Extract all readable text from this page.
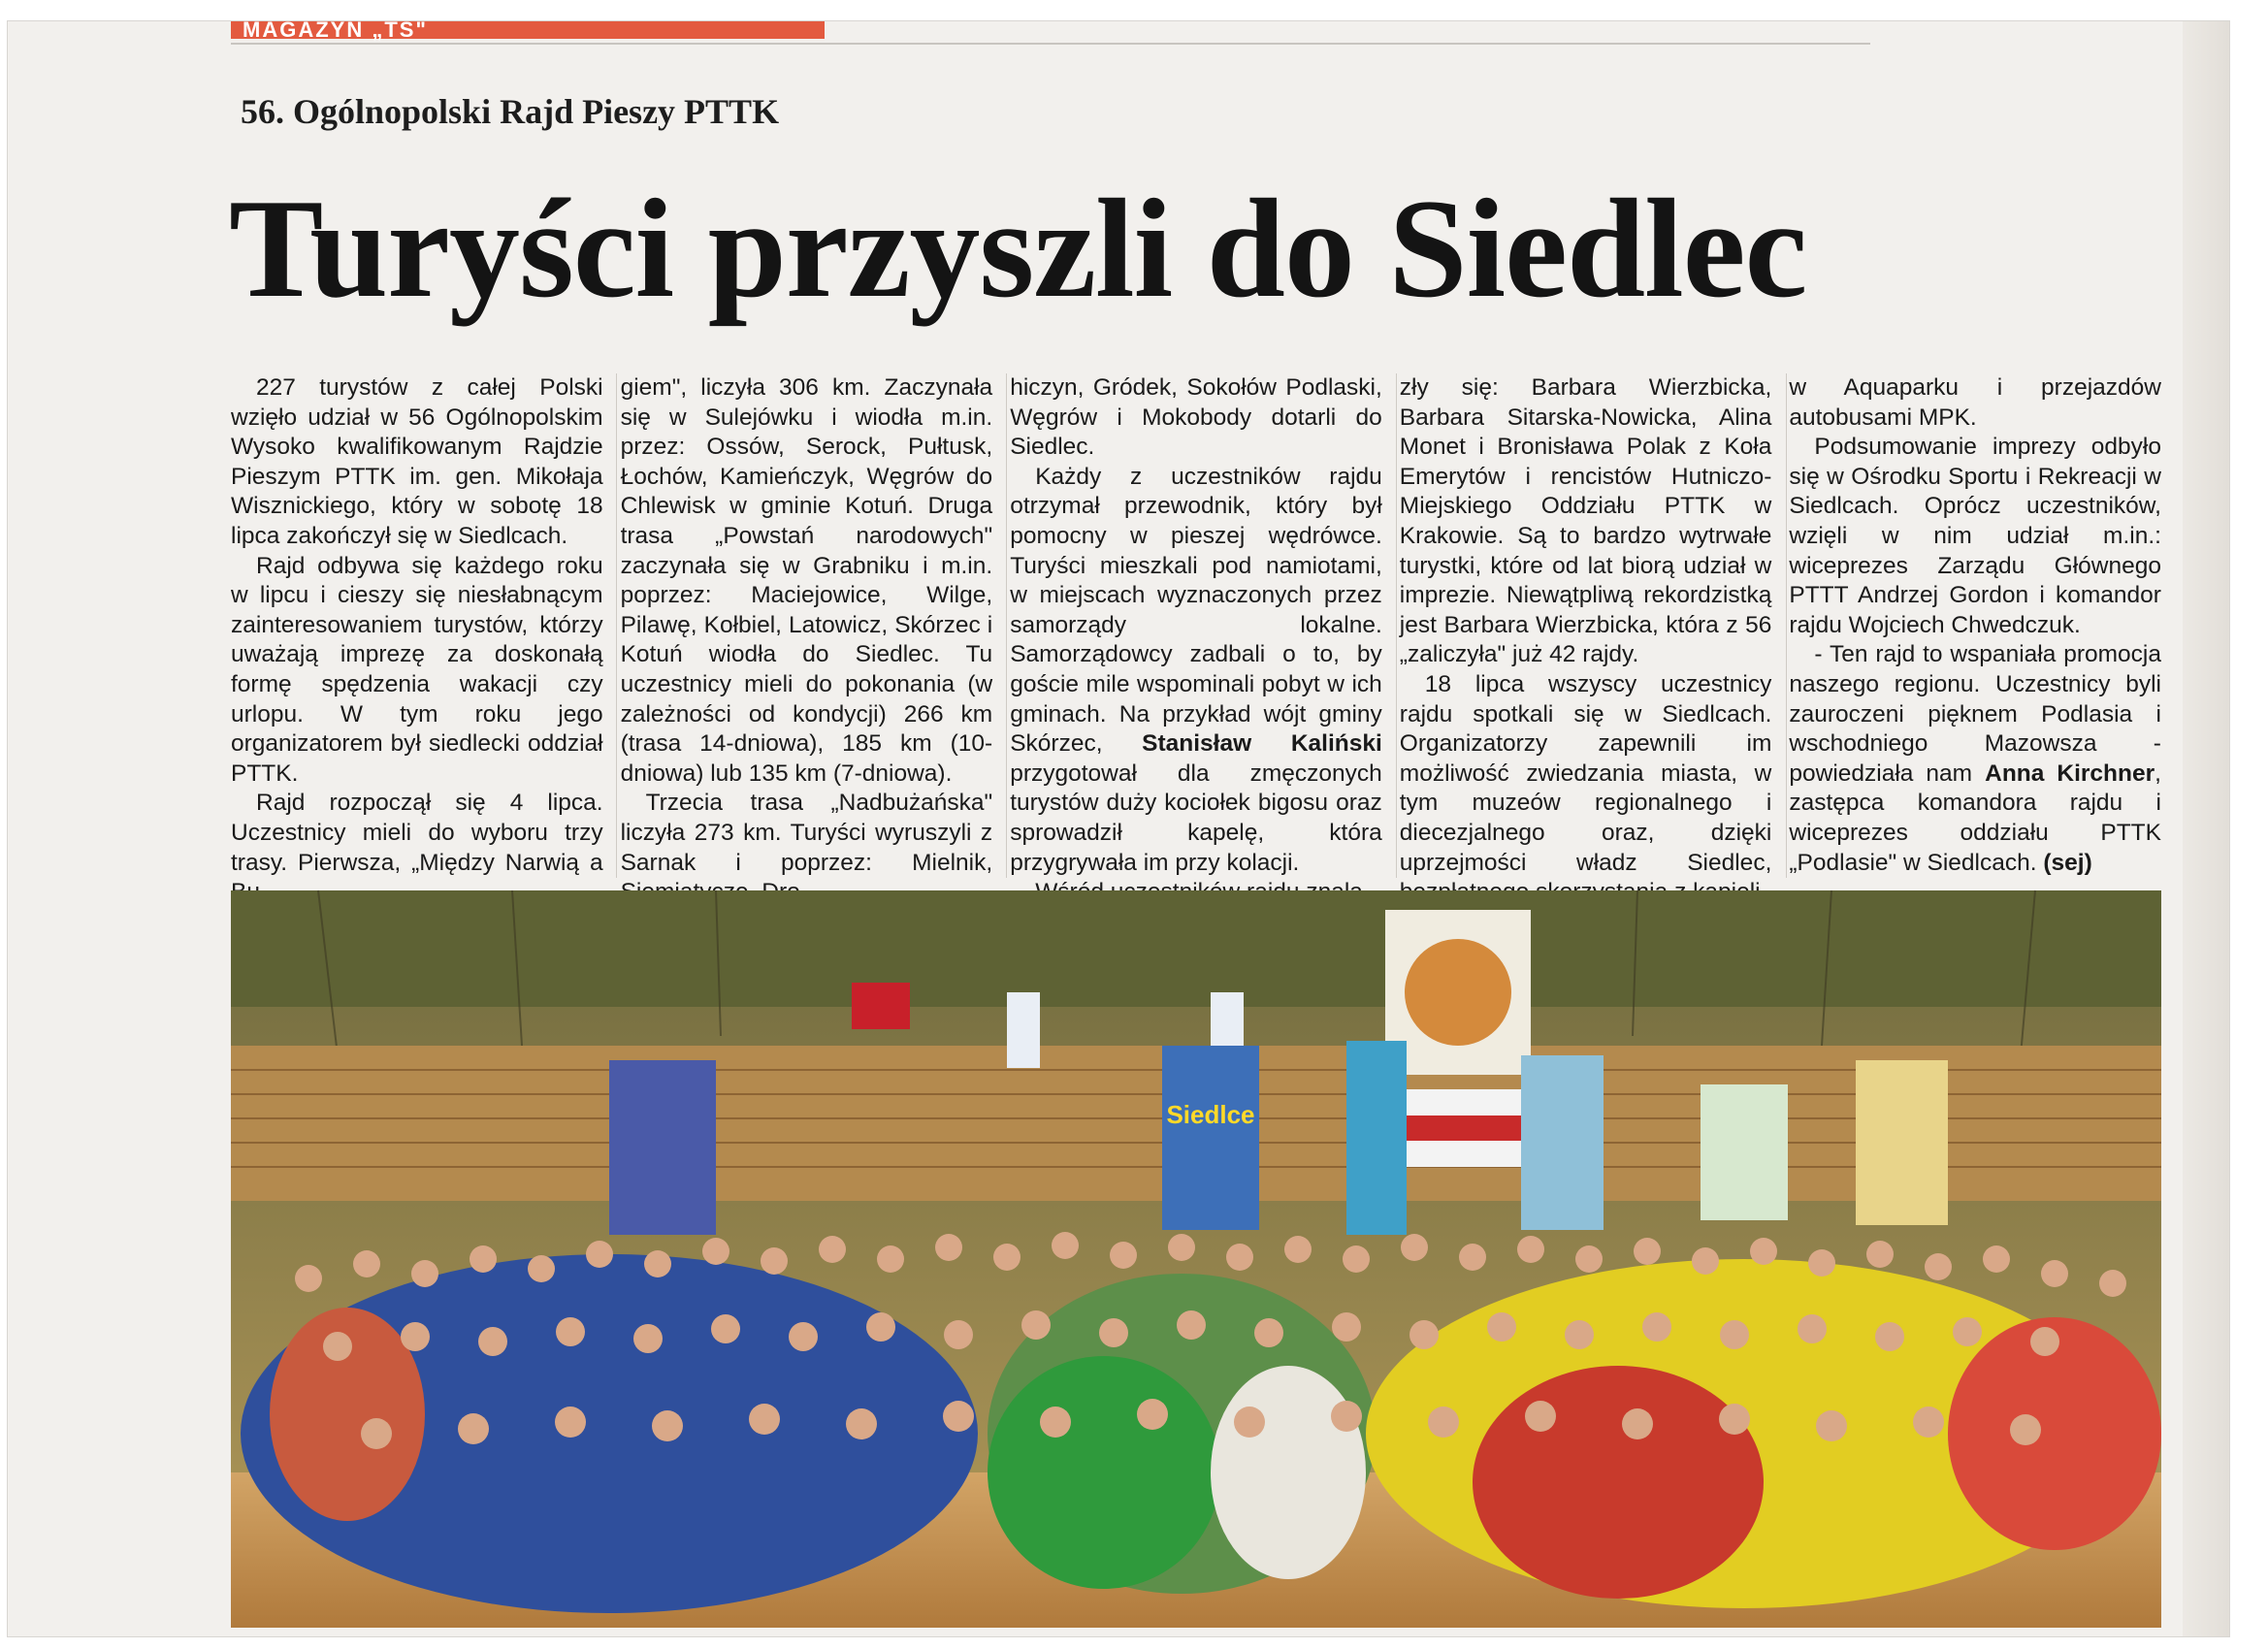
MAGAZYN „TS"
56. Ogólnopolski Rajd Pieszy PTTK
Turyści przyszli do Siedlec

227 turystów z całej Polski wzięło udział w 56 Ogólnopolskim Wysoko kwalifikowanym Rajdzie Pieszym PTTK im. gen. Mikołaja Wisznickiego, który w sobotę 18 lipca zakończył się w Siedlcach.

Rajd odbywa się każdego roku w lipcu i cieszy się niesłabnącym zainteresowaniem turystów, którzy uważają imprezę za doskonałą formę spędzenia wakacji czy urlopu. W tym roku jego organizatorem był siedlecki oddział PTTK.

Rajd rozpoczął się 4 lipca. Uczestnicy mieli do wyboru trzy trasy. Pierwsza, „Między Narwią a

giem", liczyła 306 km. Zaczynała się w Sulejówku i wiodła m.in. przez: Ossów, Serock, Pułtusk, Łochów, Kamieńczyk, Węgrów do Chlewisk w gminie Kotuń. Druga trasa „Powstań narodowych" zaczynała się w Grabniku i m.in. poprzez: Maciejowice, Wilge, Pilawę, Kołbiel, Latowicz, Skórzec i Kotuń wiodła do Siedlec. Tu uczestnicy mieli do pokonania (w zależności od kondycji) 266 km (trasa 14-dniowa), 185 km (10-dniowa) lub 135 km (7-dniowa).

Trzecia trasa „Nadbużańska" liczyła 273 km. Turyści wyruszyli z Sarnak i poprzez: Mielnik,

hiczyn, Gródek, Sokołów Podlaski, Węgrów i Mokobody dotarli do Siedlec.

Każdy z uczestników rajdu otrzymał przewodnik, który był pomocny w pieszej wędrówce. Turyści mieszkali pod namiotami, w miejscach wyznaczonych przez samorządy lokalne. Samorządowcy zadbali o to, by goście mile wspominali pobyt w ich gminach. Na przykład wójt gminy Skórzec, Stanisław Kaliński przygotował dla zmęczonych turystów duży kociołek bigosu oraz sprowadził kapelę, która przygrywała im przy kolacji.

zły się: Barbara Wierzbicka, Barbara Sitarska-Nowicka, Alina Monet i Bronisława Polak z Koła Emerytów i rencistów Hutniczo-Miejskiego Oddziału PTTK w Krakowie. Są to bardzo wytrwałe turystki, które od lat biorą udział w imprezie. Niewątpliwą rekordzistką jest Barbara Wierzbicka, która z 56 „zaliczyła" już 42 rajdy.

18 lipca wszyscy uczestnicy rajdu spotkali się w Siedlcach. Organizatorzy zapewnili im możliwość zwiedzania miasta, w tym muzeów regionalnego i diecezjalnego oraz, dzięki uprzejmości władz Siedlec,

w Aquaparku i przejazdów autobusami MPK.

Podsumowanie imprezy odbyło się w Ośrodku Sportu i Rekreacji w Siedlcach. Oprócz uczestników, wzięli w nim udział m.in.: wiceprezes Zarządu Głównego PTTT Andrzej Gordon i komandor rajdu Wojciech Chwedczuk.

- Ten rajd to wspaniała promocja naszego regionu. Uczestnicy byli zauroczeni pięknem Podlasia i wschodniego Mazowsza - powiedziała nam Anna Kirchner, zastępca komandora rajdu i wiceprezes oddziału PTTK „Podlasie" w Siedlcach. (sej)

Siedlce
